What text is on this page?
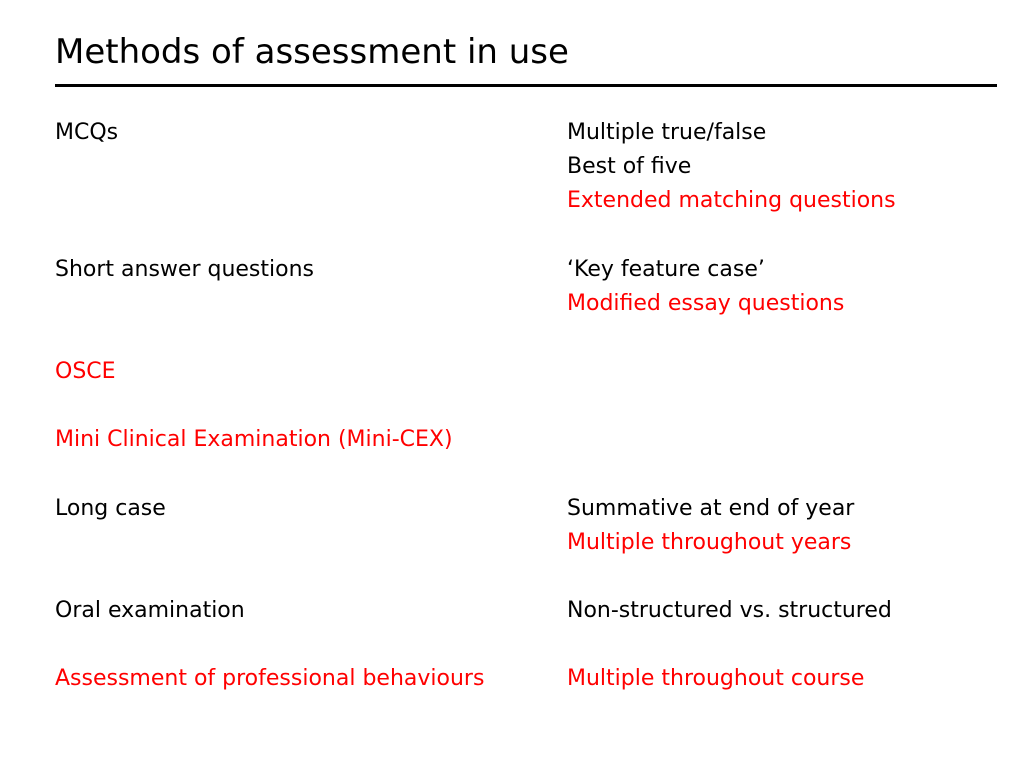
Methods of assessment in use
MCQs	Multiple true/false
Best of five
Extended matching questions
Short answer questions	‘Key feature case’
Modified essay questions
OSCE
Mini Clinical Examination (Mini-CEX)
Long case	Summative at end of year
Multiple throughout years
Oral examination	Non-structured vs. structured
Assessment of professional behaviours	Multiple throughout course
